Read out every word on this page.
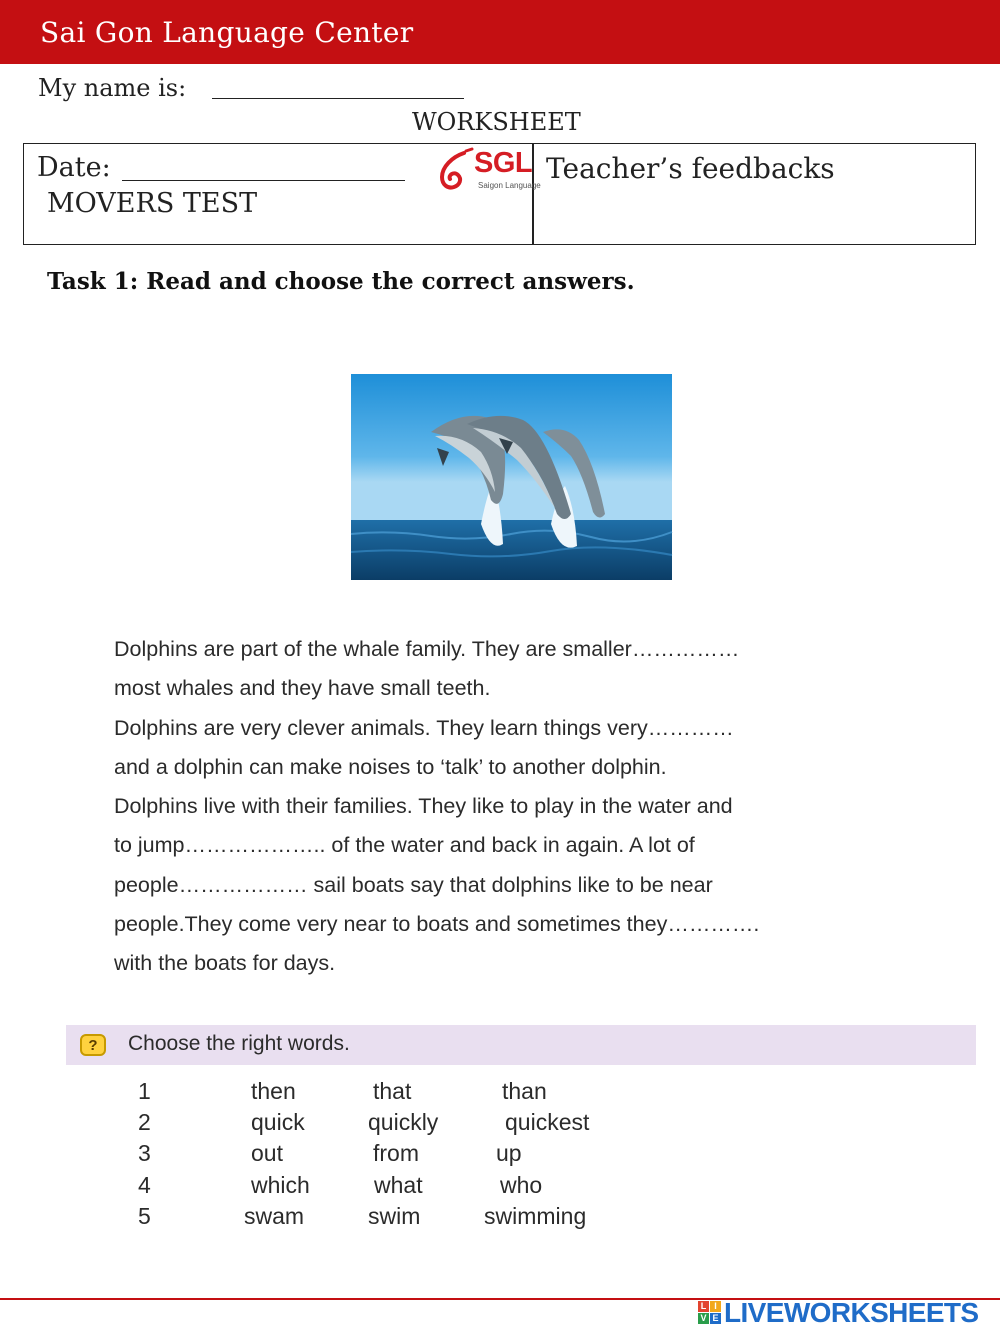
Sai Gon Language Center
My name is:
WORKSHEET
Date:
MOVERS TEST
Teacher’s feedbacks
SGL
Saigon Language
Task 1: Read and choose the correct answers.
Dolphins are part of the whale family. They are smaller……………
most whales and they have small teeth.
Dolphins are very clever animals. They learn things very…………
and a dolphin can make noises to ‘talk’ to another dolphin.
Dolphins live with their families. They like to play in the water and
to jump……………….. of the water and back in again. A lot of
people……………… sail boats say that dolphins like to be near
people.They come very near to boats and sometimes they………….
with the boats for days.
?	Choose the right words.
1	then	that	than
2	quick	quickly	quickest
3	out	from	up
4	which	what	who
5	swam	swim	swimming
L I
V E LIVEWORKSHEETS
